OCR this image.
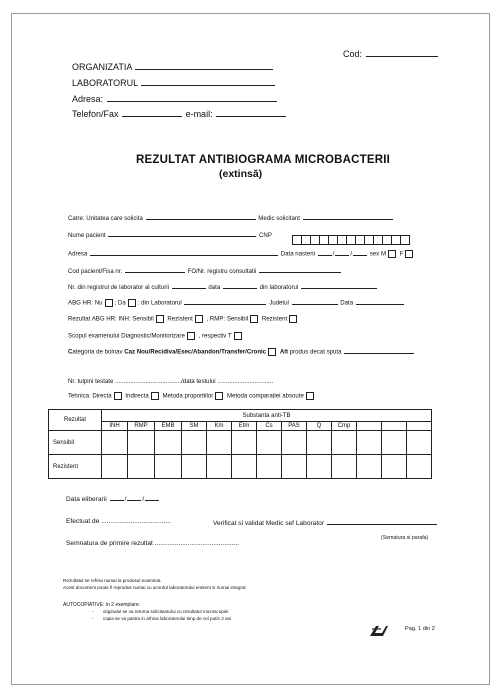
Cod:
ORGANIZATIA
LABORATORUL
Adresa:
Telefon/Fax	e-mail:
REZULTAT ANTIBIOGRAMA MICROBACTERII
(extinsă)
Catre: Unitatea care solicita	Medic solicitant
Nume pacient	CNP
Adresa	Data nasterii	/	/	sex M F
Cod pacient/Fisa nr.	FO/Nr. registru consultatii
Nr. din registrul de laborator al culturii	data	din laboratorul
ABG HR: Nu ; Da : din Laboratorul	Judetul	Data
Rezultat ABG HR: INH: Sensibil Rezistent , RMP: Sensibil Rezistent
Scopul examenului Diagnostic/Monitorizare , respectiv T
Categoria de bolnav Caz Nou/Recidiva/Esec/Abandon/Transfer/Cronic Alt produs decat sputa
Nr. tulpini testate ......................................./data testului .................................
Tehnica: Directa Indirecta Metoda proportiilor Metoda comparatiei absoute
Rezultat	Substanta anti-TB												
	INH	RMP	EMB	SM	Km	Etm	Cs	PAS	Q	Cmp			
Sensibil													
Rezistent													
Data eliberarii	/ /
Efectuat de ......................................	Verificat si validat Medic sef Laborator
(Sematura si parafa)
Semnatura de primire rezultat ..............................................
Rezultatul se refera numai la produsul examinat.
Acest document poate fi reprodus numai cu acordul laboratorului emitent si numai integral
AUTOCOPIATIVE: in 2 exemplare:
- originalul se va returna solicitantului cu rezultatul microscopiei
- copia se va pastra in arhiva laboratorului timp de cel putin 2 ani
Pag. 1 din 2
